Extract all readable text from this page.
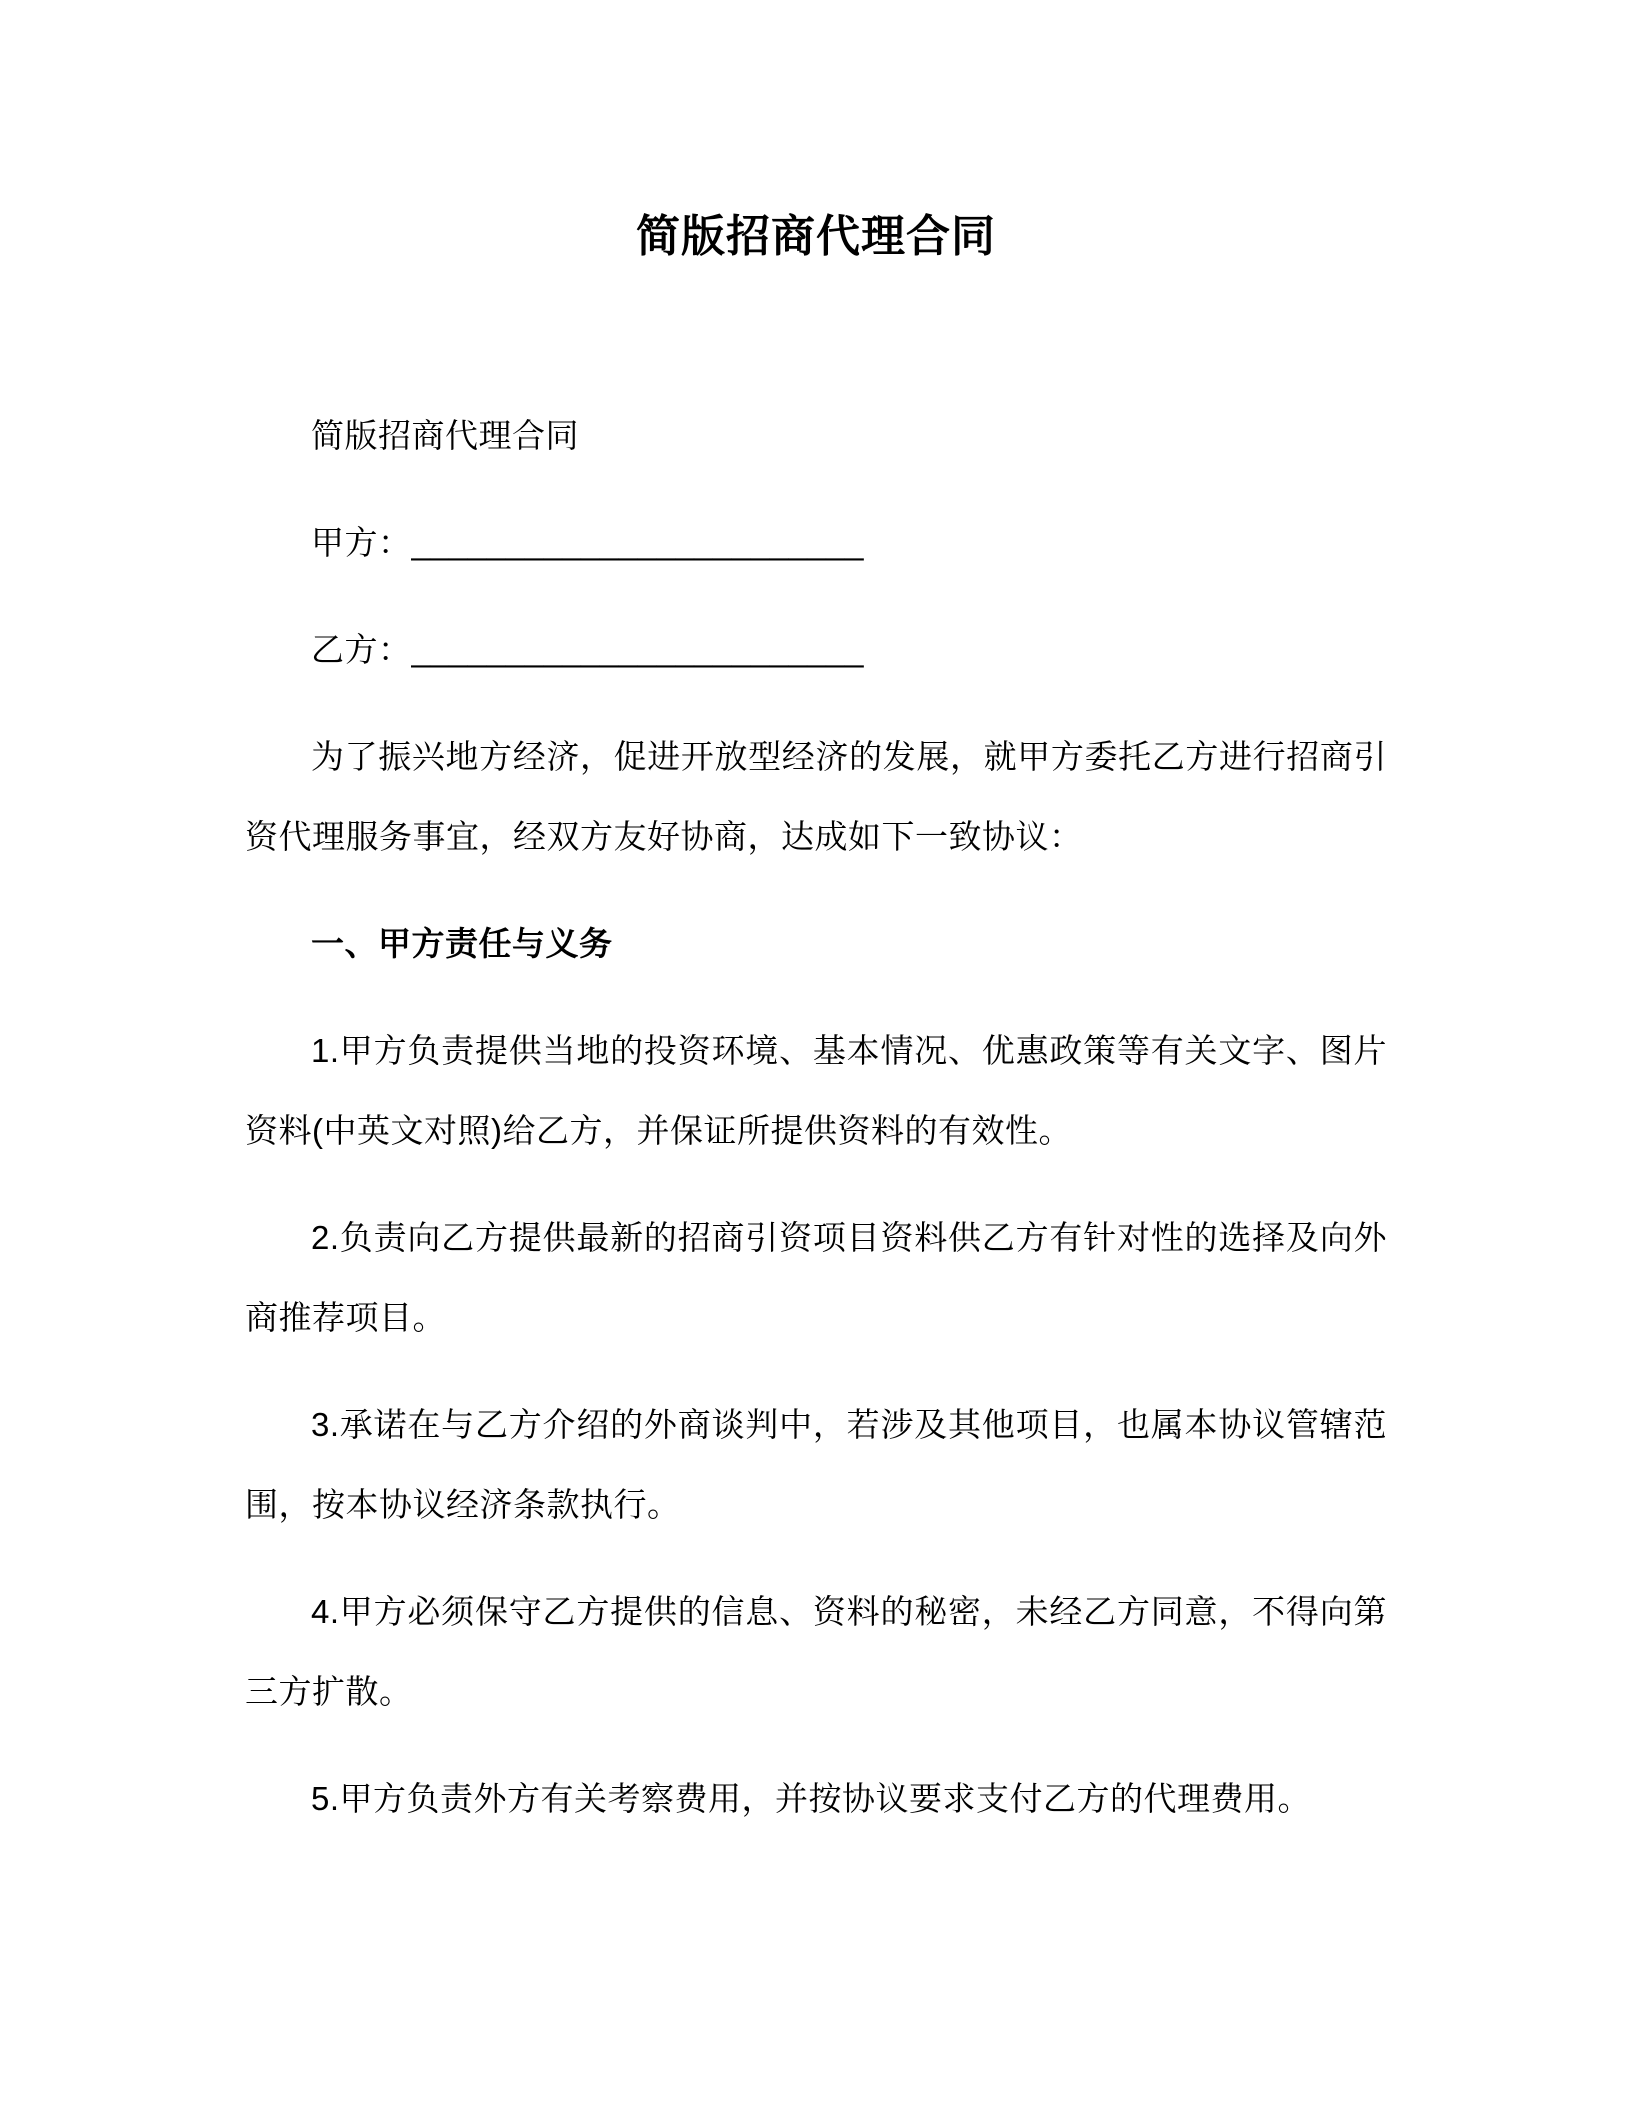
简版招商代理合同

简版招商代理合同

甲方：________________________

乙方：________________________

为了振兴地方经济，促进开放型经济的发展，就甲方委托乙方进行招商引资代理服务事宜，经双方友好协商，达成如下一致协议：

一、甲方责任与义务

1.甲方负责提供当地的投资环境、基本情况、优惠政策等有关文字、图片资料(中英文对照)给乙方，并保证所提供资料的有效性。

2.负责向乙方提供最新的招商引资项目资料供乙方有针对性的选择及向外商推荐项目。

3.承诺在与乙方介绍的外商谈判中，若涉及其他项目，也属本协议管辖范围，按本协议经济条款执行。

4.甲方必须保守乙方提供的信息、资料的秘密，未经乙方同意，不得向第三方扩散。

5.甲方负责外方有关考察费用，并按协议要求支付乙方的代理费用。
